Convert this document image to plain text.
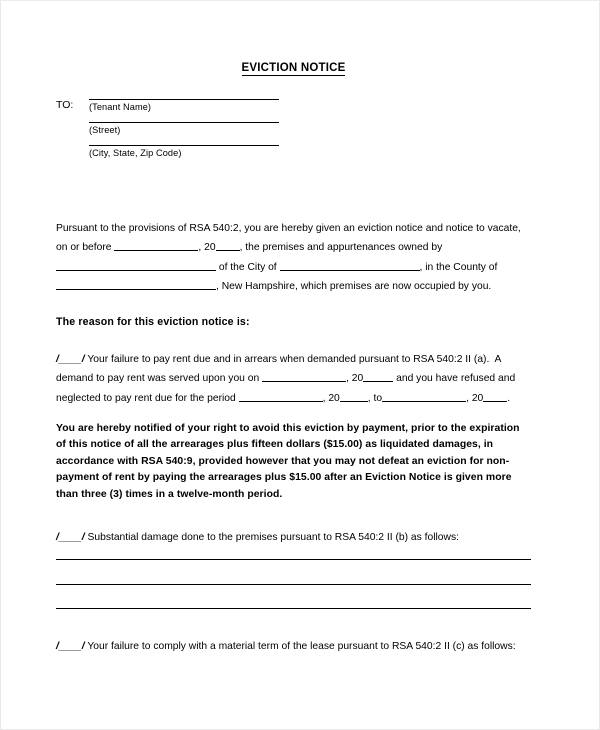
EVICTION NOTICE
TO: (Tenant Name)
(Street)
(City, State, Zip Code)
Pursuant to the provisions of RSA 540:2, you are hereby given an eviction notice and notice to vacate, on or before	, 20 , the premises and appurtenances owned by  of the City of	, in the County of , New Hampshire, which premises are now occupied by you.
The reason for this eviction notice is:
/____/ Your failure to pay rent due and in arrears when demanded pursuant to RSA 540:2 II (a).  A demand to pay rent was served upon you on	, 20	and you have refused and neglected to pay rent due for the period	, 20	, to	, 20 .
You are hereby notified of your right to avoid this eviction by payment, prior to the expiration of this notice of all the arrearages plus fifteen dollars ($15.00) as liquidated damages, in accordance with RSA 540:9, provided however that you may not defeat an eviction for non-payment of rent by paying the arrearages plus $15.00 after an Eviction Notice is given more than three (3) times in a twelve-month period.
/____/ Substantial damage done to the premises pursuant to RSA 540:2 II (b) as follows:
/____/ Your failure to comply with a material term of the lease pursuant to RSA 540:2 II (c) as follows:
